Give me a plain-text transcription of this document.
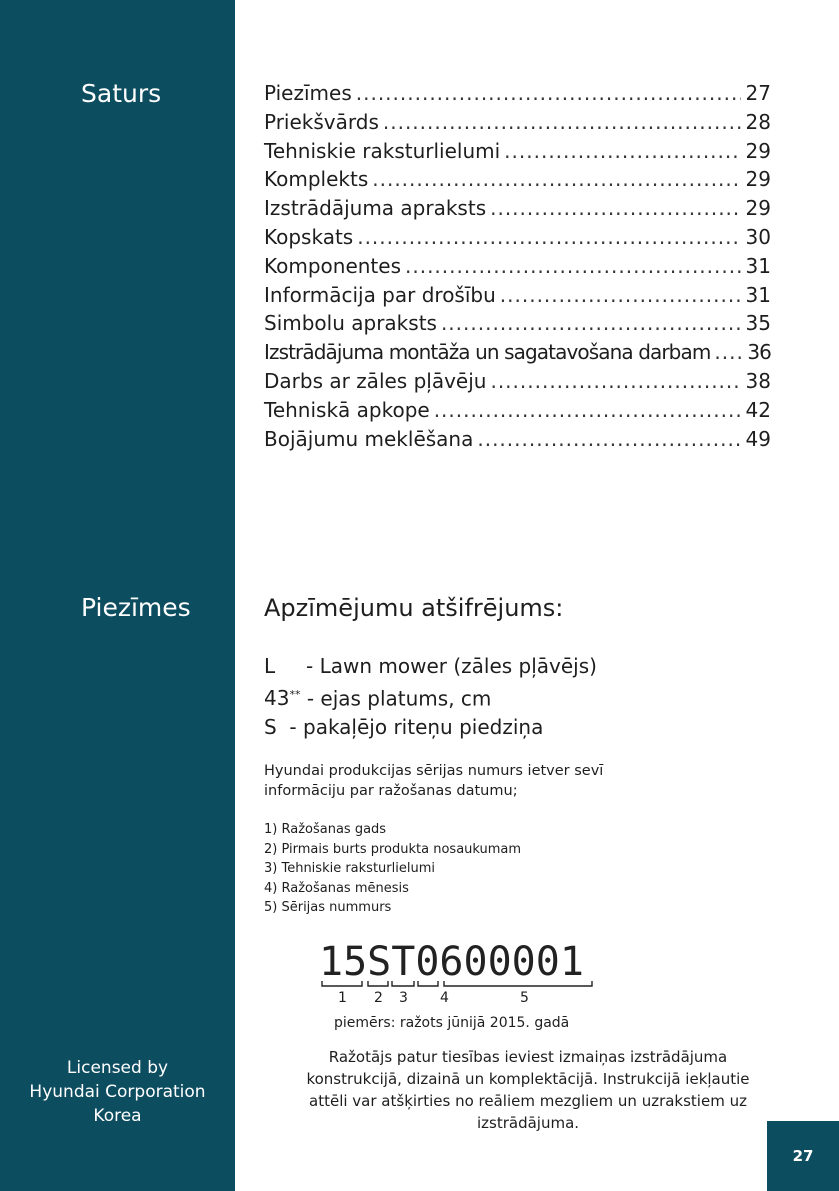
Saturs
Piezīmes
Licensed by
Hyundai Corporation
Korea
Piezīmes .....	27
Priekšvārds .....	28
Tehniskie raksturlielumi .....	29
Komplekts .....	29
Izstrādājuma apraksts .....	29
Kopskats .....	30
Komponentes .....	31
Informācija par drošību .....	31
Simbolu apraksts .....	35
Izstrādājuma montāža un sagatavošana darbam ..... 36
Darbs ar zāles pļāvēju .....	38
Tehniskā apkope .....	42
Bojājumu meklēšana .....	49
Apzīmējumu atšifrējums:
L - Lawn mower (zāles pļāvējs)
43** - ejas platums, cm
S - pakaļējo riteņu piedziņa
Hyundai produkcijas sērijas numurs ietver sevī informāciju par ražošanas datumu;
1) Ražošanas gads
2) Pirmais burts produkta nosaukumam
3) Tehniskie raksturlielumi
4) Ražošanas mēnesis
5) Sērijas nummurs
15ST0600001
1 2 3 4	5
piemērs: ražots jūnijā 2015. gadā
Ražotājs patur tiesības ieviest izmaiņas izstrādājuma konstrukcijā, dizainā un komplektācijā. Instrukcijā iekļautie attēli var atšķirties no reāliem mezgliem un uzrakstiem uz izstrādājuma.
27
